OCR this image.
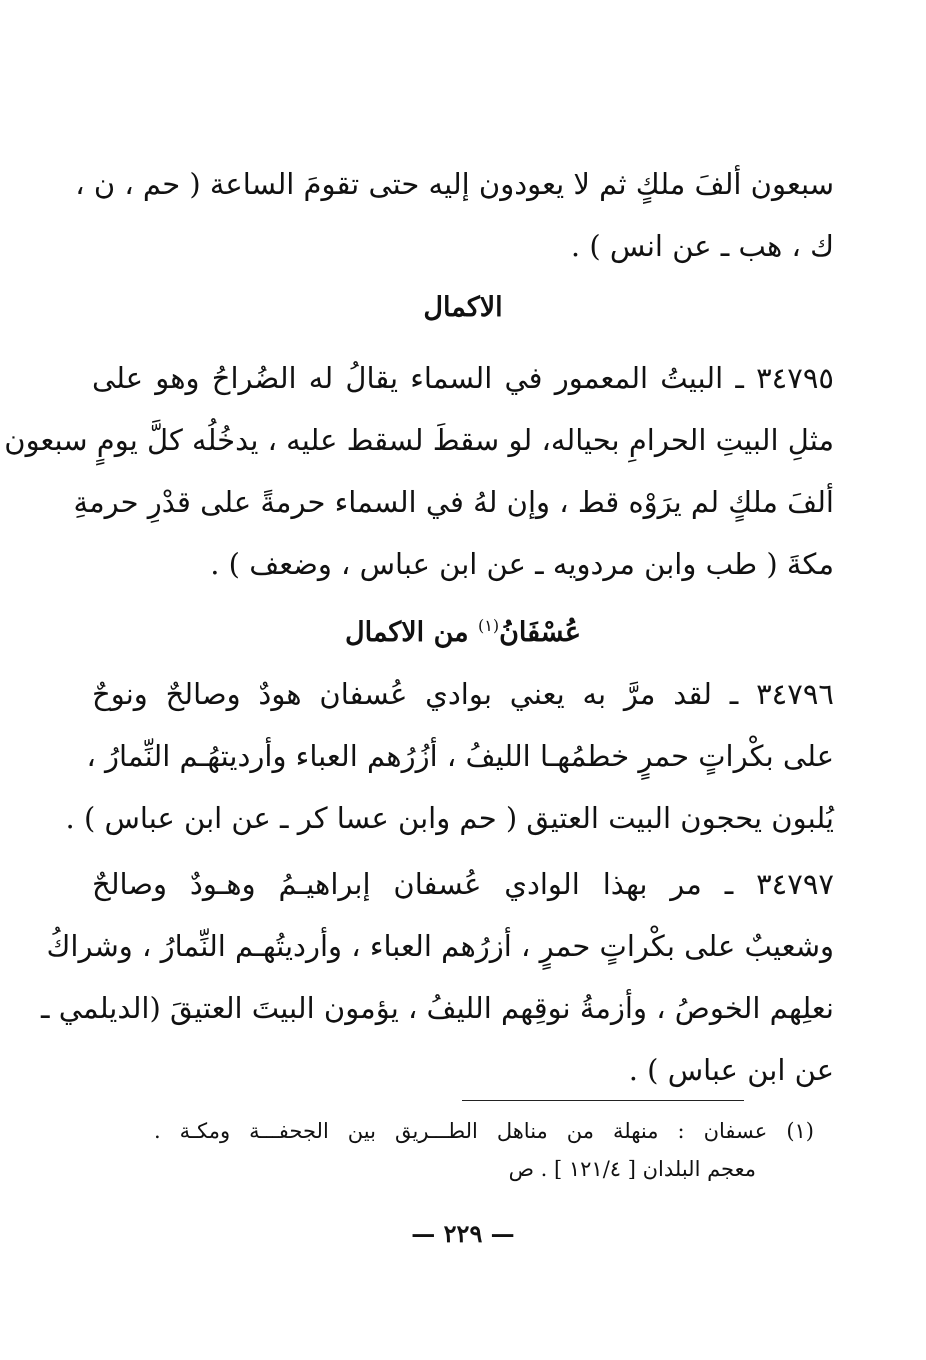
سبعون ألفَ ملكٍ ثم لا يعودون إليه حتى تقومَ الساعة ( حم ، ن ،
ك ، هب ـ عن انس ) .
الاكمال
٣٤٧٩٥ ـ البيتُ المعمور في السماء يقالُ له الضُراحُ وهو على
مثلِ البيتِ الحرامِ بحياله، لو سقطَ لسقط عليه ، يدخُلُه كلَّ يومٍ سبعون
ألفَ ملكٍ لم يرَوْه قط ، وإن لهُ في السماء حرمةً على قدْرِ حرمةِ
مكةَ ( طب وابن مردويه ـ عن ابن عباس ، وضعف ) .
عُسْفَانُ$^{(١)}$ من الاكمال
٣٤٧٩٦ ـ لقد مرَّ به يعني بوادي عُسفان هودٌ وصالحٌ ونوحٌ
على بكْراتٍ حمرٍ خطمُهـا الليفُ ، أزُرُهم العباء وأرديتهُـم النِّمارُ ،
يُلبون يحجون البيت العتيق ( حم وابن عسا كر ـ عن ابن عباس ) .
٣٤٧٩٧ ـ مر بهذا الوادي عُسفان إبراهيـمُ وهـودٌ وصالحٌ
وشعيبٌ على بكْراتٍ حمرٍ ، أزرُهم العباء ، وأرديتُهـم النِّمارُ ، وشراكُ
نعلِهم الخوصُ ، وأزمةُ نوقِهم الليفُ ، يؤمون البيتَ العتيقَ (الديلمي ـ
عن ابن عباس ) .
(١) عسفان : منهلة من مناهل الطـــريق بين الجحفـــة ومكـة .
معجم البلدان [ ١٢١/٤ ] . ص
— ٢٢٩ —
